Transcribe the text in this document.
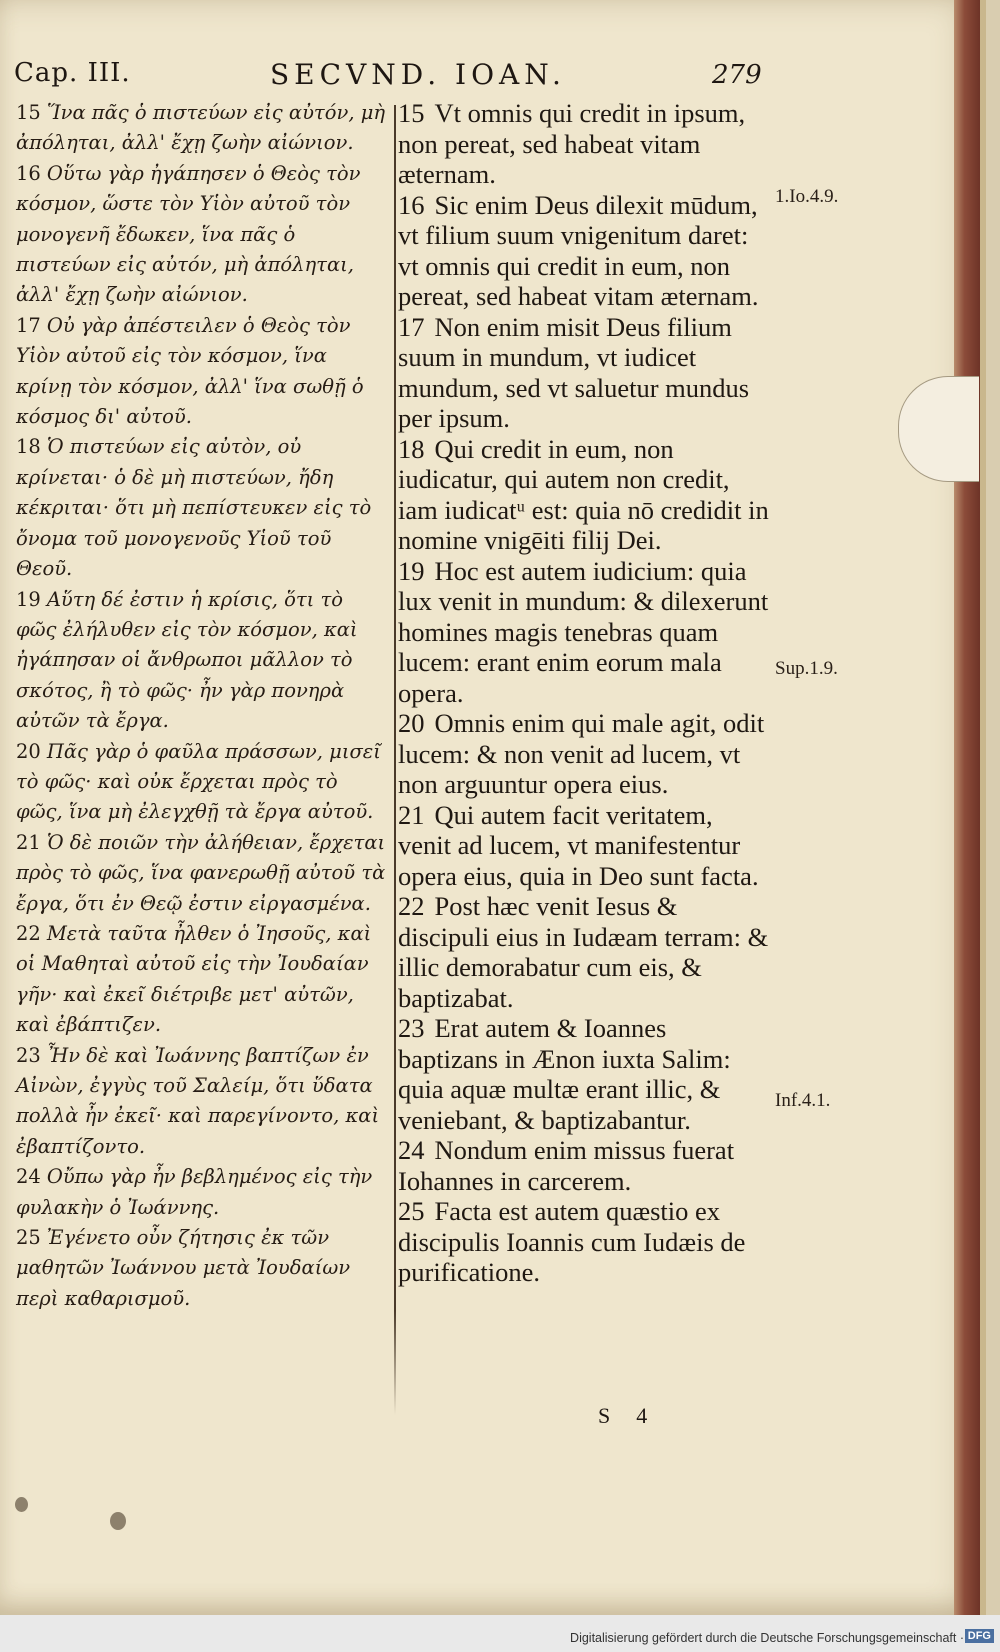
Cap. III.	SECVND. IOAN.	279

15 Ἵνα πᾶς ὁ πιστεύων εἰς αὐτόν, μὴ ἀπόληται, ἀλλ' ἔχῃ ζωὴν αἰώνιον.

16 Οὕτω γὰρ ἠγάπησεν ὁ Θεὸς τὸν κόσμον, ὥστε τὸν Υἱὸν αὐτοῦ τὸν μονογενῆ ἔδωκεν, ἵνα πᾶς ὁ πιστεύων εἰς αὐτόν, μὴ ἀπόληται, ἀλλ' ἔχῃ ζωὴν αἰώνιον.

17 Οὐ γὰρ ἀπέστειλεν ὁ Θεὸς τὸν Υἱὸν αὐτοῦ εἰς τὸν κόσμον, ἵνα κρίνῃ τὸν κόσμον, ἀλλ' ἵνα σωθῇ ὁ κόσμος δι' αὐτοῦ.

18 Ὁ πιστεύων εἰς αὐτὸν, οὐ κρίνεται· ὁ δὲ μὴ πιστεύων, ἤδη κέκριται· ὅτι μὴ πεπίστευκεν εἰς τὸ ὄνομα τοῦ μονογενοῦς Υἱοῦ τοῦ Θεοῦ.

19 Αὕτη δέ ἐστιν ἡ κρίσις, ὅτι τὸ φῶς ἐλήλυθεν εἰς τὸν κόσμον, καὶ ἠγάπησαν οἱ ἄνθρωποι μᾶλλον τὸ σκότος, ἢ τὸ φῶς· ἦν γὰρ πονηρὰ αὐτῶν τὰ ἔργα.

20 Πᾶς γὰρ ὁ φαῦλα πράσσων, μισεῖ τὸ φῶς· καὶ οὐκ ἔρχεται πρὸς τὸ φῶς, ἵνα μὴ ἐλεγχθῇ τὰ ἔργα αὐτοῦ.

21 Ὁ δὲ ποιῶν τὴν ἀλήθειαν, ἔρχεται πρὸς τὸ φῶς, ἵνα φανερωθῇ αὐτοῦ τὰ ἔργα, ὅτι ἐν Θεῷ ἐστιν εἰργασμένα.

22 Μετὰ ταῦτα ἦλθεν ὁ Ἰησοῦς, καὶ οἱ Μαθηταὶ αὐτοῦ εἰς τὴν Ἰουδαίαν γῆν· καὶ ἐκεῖ διέτριβε μετ' αὐτῶν, καὶ ἐβάπτιζεν.

23 Ἦν δὲ καὶ Ἰωάννης βαπτίζων ἐν Αἰνὼν, ἐγγὺς τοῦ Σαλείμ, ὅτι ὕδατα πολλὰ ἦν ἐκεῖ· καὶ παρεγίνοντο, καὶ ἐβαπτίζοντο.

24 Οὔπω γὰρ ἦν βεβλημένος εἰς τὴν φυλακὴν ὁ Ἰωάννης.

25 Ἐγένετο οὖν ζήτησις ἐκ τῶν μαθητῶν Ἰωάννου μετὰ Ἰουδαίων περὶ καθαρισμοῦ.

15 Vt omnis qui credit in ipsum, non pereat, sed habeat vitam æternam.

16 Sic enim Deus dilexit mūdum, vt filium suum vnigenitum daret: vt omnis qui credit in eum, non pereat, sed habeat vitam æternam.

17 Non enim misit Deus filium suum in mundum, vt iudicet mundum, sed vt saluetur mundus per ipsum.

18 Qui credit in eum, non iudicatur, qui autem non credit, iam iudicatᵘ est: quia nō credidit in nomine vnigēiti filij Dei.

19 Hoc est autem iudicium: quia lux venit in mundum: & dilexerunt homines magis tenebras quam lucem: erant enim eorum mala opera.

20 Omnis enim qui male agit, odit lucem: & non venit ad lucem, vt non arguuntur opera eius.

21 Qui autem facit veritatem, venit ad lucem, vt manifestentur opera eius, quia in Deo sunt facta.

22 Post hæc venit Iesus & discipuli eius in Iudæam terram: & illic demorabatur cum eis, & baptizabat.

23 Erat autem & Ioannes baptizans in Ænon iuxta Salim: quia aquæ multæ erant illic, & veniebant, & baptizabantur.

24 Nondum enim missus fuerat Iohannes in carcerem.

25 Facta est autem quæstio ex discipulis Ioannis cum Iudæis de purificatione.

1.Io.4.9.
Sup.1.9.
Inf.4.1.
S 4
Digitalisierung gefördert durch die Deutsche Forschungsgemeinschaft · DFG
